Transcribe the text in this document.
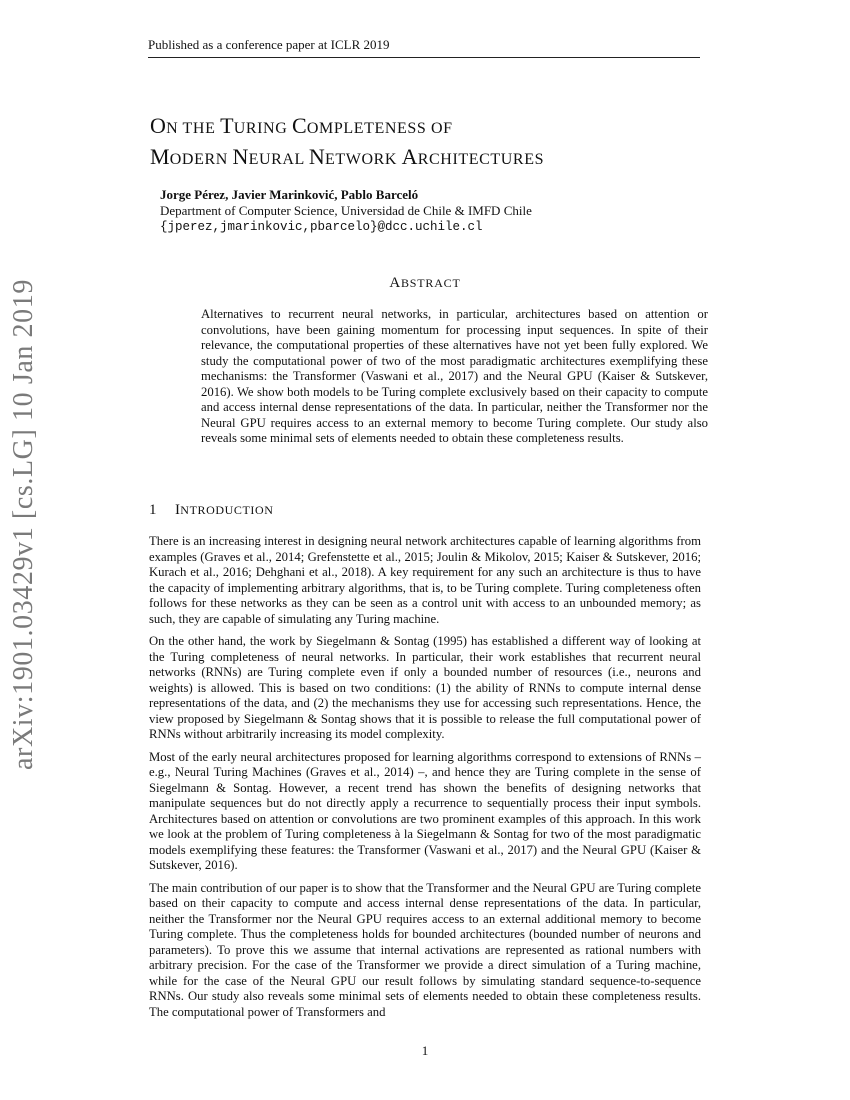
Published as a conference paper at ICLR 2019
ON THE TURING COMPLETENESS OF
MODERN NEURAL NETWORK ARCHITECTURES
Jorge Pérez, Javier Marinković, Pablo Barceló
Department of Computer Science, Universidad de Chile & IMFD Chile
{jperez,jmarinkovic,pbarcelo}@dcc.uchile.cl
ABSTRACT

Alternatives to recurrent neural networks, in particular, architectures based on attention or convolutions, have been gaining momentum for processing input sequences. In spite of their relevance, the computational properties of these alternatives have not yet been fully explored. We study the computational power of two of the most paradigmatic architectures exemplifying these mechanisms: the Transformer (Vaswani et al., 2017) and the Neural GPU (Kaiser & Sutskever, 2016). We show both models to be Turing complete exclusively based on their capacity to compute and access internal dense representations of the data. In particular, neither the Transformer nor the Neural GPU requires access to an external memory to become Turing complete. Our study also reveals some minimal sets of elements needed to obtain these completeness results.

1 INTRODUCTION

There is an increasing interest in designing neural network architectures capable of learning algorithms from examples (Graves et al., 2014; Grefenstette et al., 2015; Joulin & Mikolov, 2015; Kaiser & Sutskever, 2016; Kurach et al., 2016; Dehghani et al., 2018). A key requirement for any such an architecture is thus to have the capacity of implementing arbitrary algorithms, that is, to be Turing complete. Turing completeness often follows for these networks as they can be seen as a control unit with access to an unbounded memory; as such, they are capable of simulating any Turing machine.

On the other hand, the work by Siegelmann & Sontag (1995) has established a different way of looking at the Turing completeness of neural networks. In particular, their work establishes that recurrent neural networks (RNNs) are Turing complete even if only a bounded number of resources (i.e., neurons and weights) is allowed. This is based on two conditions: (1) the ability of RNNs to compute internal dense representations of the data, and (2) the mechanisms they use for accessing such representations. Hence, the view proposed by Siegelmann & Sontag shows that it is possible to release the full computational power of RNNs without arbitrarily increasing its model complexity.

Most of the early neural architectures proposed for learning algorithms correspond to extensions of RNNs – e.g., Neural Turing Machines (Graves et al., 2014) –, and hence they are Turing complete in the sense of Siegelmann & Sontag. However, a recent trend has shown the benefits of designing networks that manipulate sequences but do not directly apply a recurrence to sequentially process their input symbols. Architectures based on attention or convolutions are two prominent examples of this approach. In this work we look at the problem of Turing completeness à la Siegelmann & Sontag for two of the most paradigmatic models exemplifying these features: the Transformer (Vaswani et al., 2017) and the Neural GPU (Kaiser & Sutskever, 2016).

The main contribution of our paper is to show that the Transformer and the Neural GPU are Turing complete based on their capacity to compute and access internal dense representations of the data. In particular, neither the Transformer nor the Neural GPU requires access to an external additional memory to become Turing complete. Thus the completeness holds for bounded architectures (bounded number of neurons and parameters). To prove this we assume that internal activations are represented as rational numbers with arbitrary precision. For the case of the Transformer we provide a direct simulation of a Turing machine, while for the case of the Neural GPU our result follows by simulating standard sequence-to-sequence RNNs. Our study also reveals some minimal sets of elements needed to obtain these completeness results. The computational power of Transformers and

arXiv:1901.03429v1 [cs.LG] 10 Jan 2019
1
